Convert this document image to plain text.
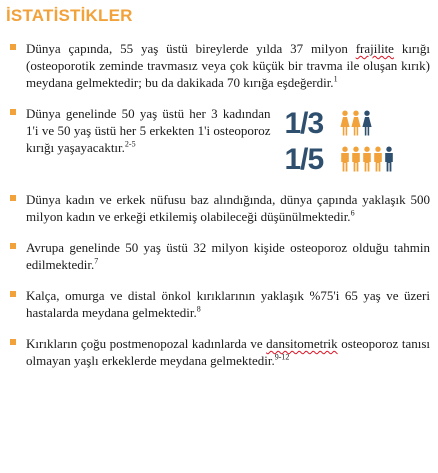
İSTATİSTİKLER
Dünya çapında, 55 yaş üstü bireylerde yılda 37 milyon frajilite kırığı (osteoporotik zeminde travmasız veya çok küçük bir travma ile oluşan kırık) meydana gelmektedir; bu da dakikada 70 kırığa eşdeğerdir.$^1$
Dünya genelinde 50 yaş üstü her 3 kadından 1'i ve 50 yaş üstü her 5 erkekten 1'i osteoporoz kırığı yaşayacaktır.$^{2-5}$
1/3
1/5
Dünya kadın ve erkek nüfusu baz alındığında, dünya çapında yaklaşık 500 milyon kadın ve erkeği etkilemiş olabileceği düşünülmektedir.$^6$
Avrupa genelinde 50 yaş üstü 32 milyon kişide osteoporoz olduğu tahmin edilmektedir.$^7$
Kalça, omurga ve distal önkol kırıklarının yaklaşık %75'i 65 yaş ve üzeri hastalarda meydana gelmektedir.$^8$
Kırıkların çoğu postmenopozal kadınlarda ve dansitometrik osteoporoz tanısı olmayan yaşlı erkeklerde meydana gelmektedir.$^{9-12}$
